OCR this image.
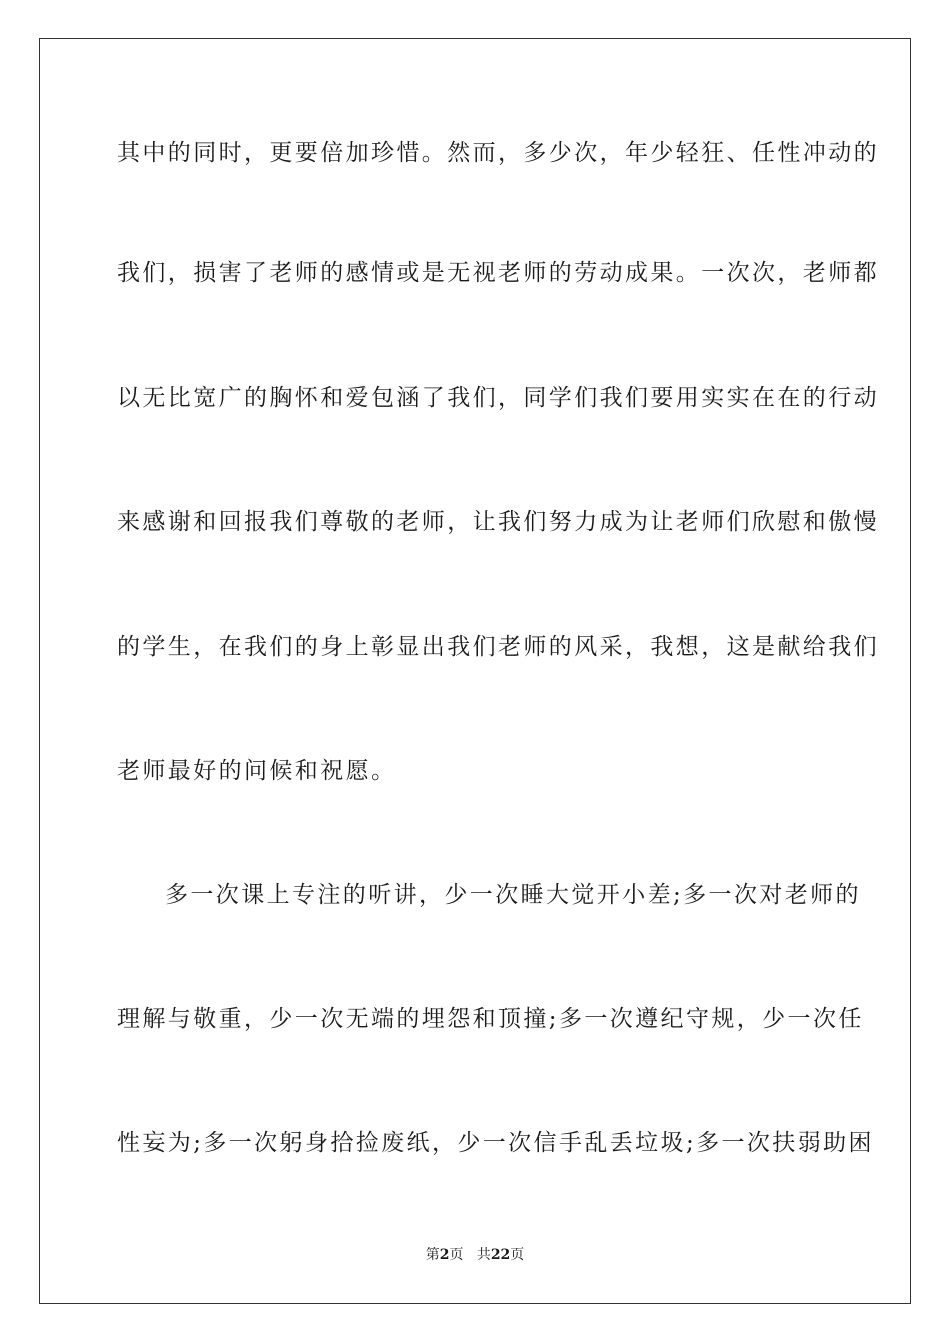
其中的同时，更要倍加珍惜。然而，多少次，年少轻狂、任性冲动的
我们，损害了老师的感情或是无视老师的劳动成果。一次次，老师都
以无比宽广的胸怀和爱包涵了我们，同学们我们要用实实在在的行动
来感谢和回报我们尊敬的老师，让我们努力成为让老师们欣慰和傲慢
的学生，在我们的身上彰显出我们老师的风采，我想，这是献给我们
老师最好的问候和祝愿。
多一次课上专注的听讲，少一次睡大觉开小差;多一次对老师的
理解与敬重，少一次无端的埋怨和顶撞;多一次遵纪守规，少一次任
性妄为;多一次躬身拾捡废纸，少一次信手乱丢垃圾;多一次扶弱助困
第2页 共22页
